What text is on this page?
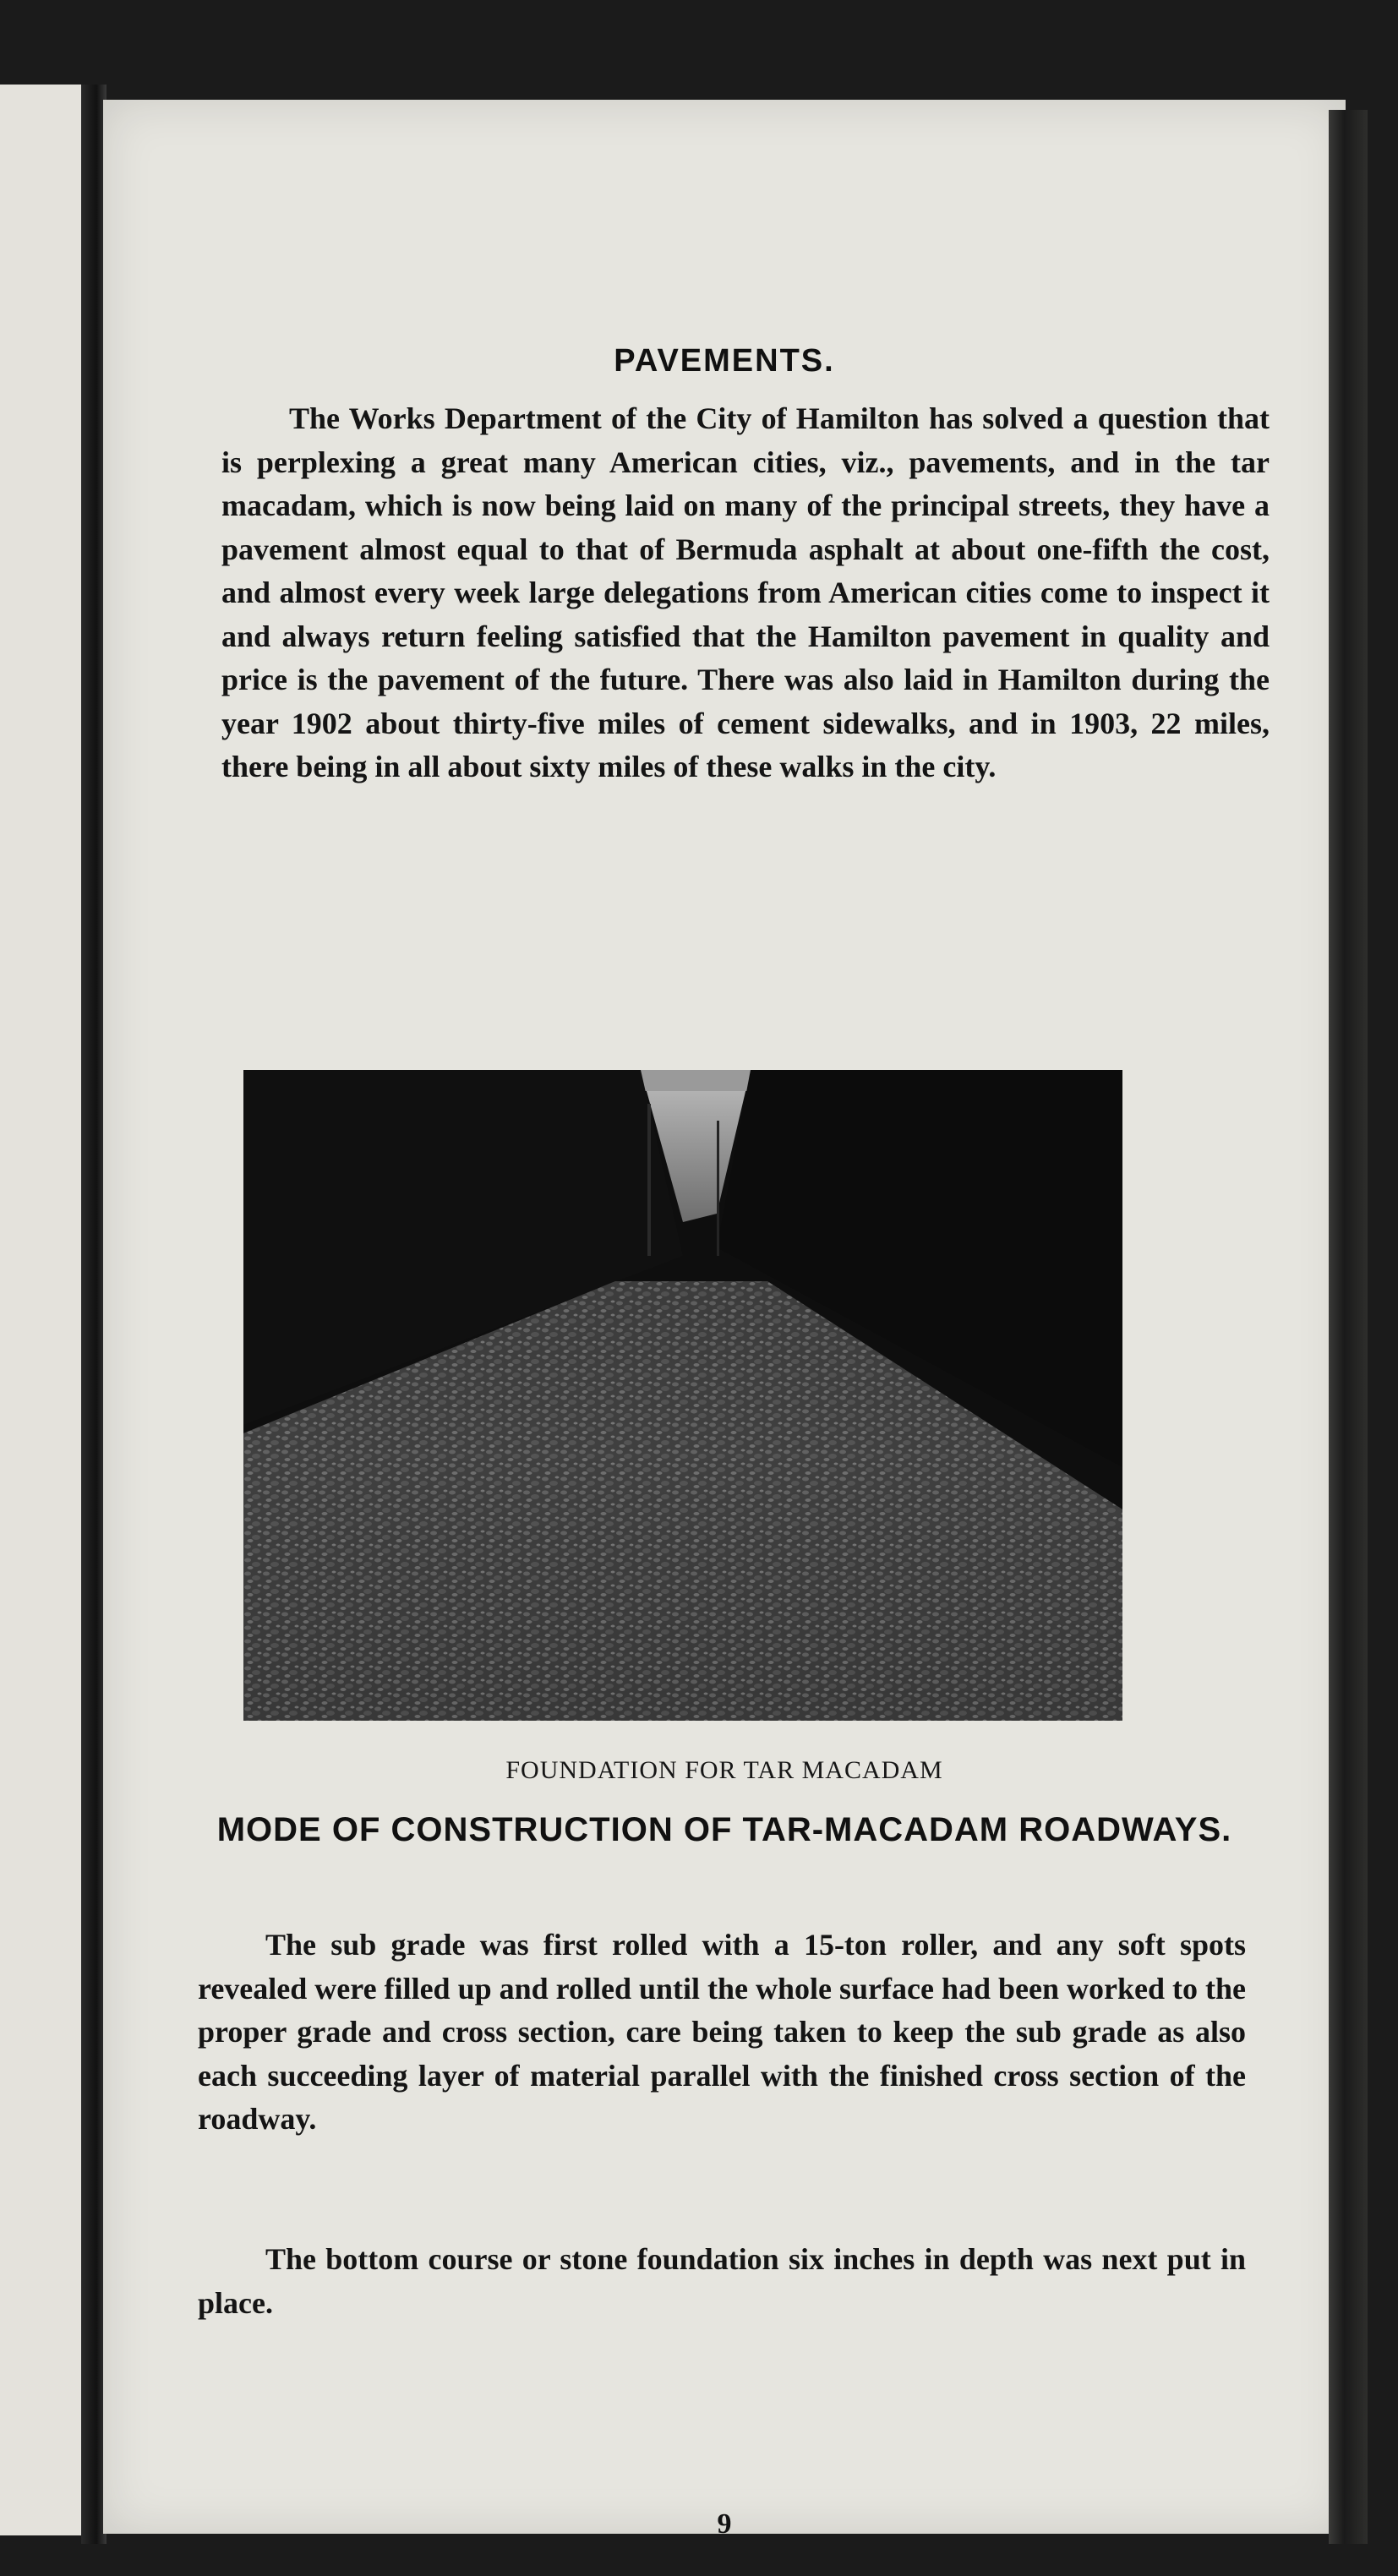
PAVEMENTS.

The Works Department of the City of Hamilton has solved a question that is perplexing a great many American cities, viz., pavements, and in the tar macadam, which is now being laid on many of the principal streets, they have a pavement almost equal to that of Bermuda asphalt at about one-fifth the cost, and almost every week large delegations from American cities come to inspect it and always return feeling satisfied that the Hamilton pavement in quality and price is the pavement of the future. There was also laid in Hamilton during the year 1902 about thirty-five miles of cement sidewalks, and in 1903, 22 miles, there being in all about sixty miles of these walks in the city.

FOUNDATION FOR TAR MACADAM

MODE OF CONSTRUCTION OF TAR-MACADAM ROADWAYS.

The sub grade was first rolled with a 15-ton roller, and any soft spots revealed were filled up and rolled until the whole surface had been worked to the proper grade and cross section, care being taken to keep the sub grade as also each succeeding layer of material parallel with the finished cross section of the roadway.

The bottom course or stone foundation six inches in depth was next put in place.

9
